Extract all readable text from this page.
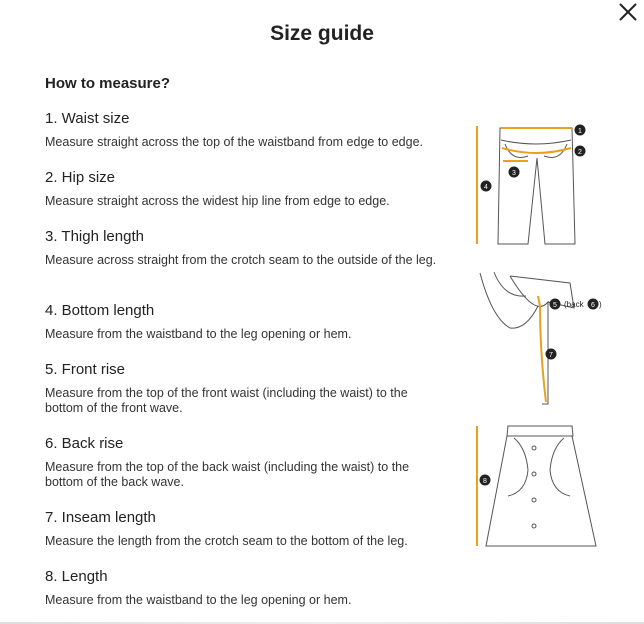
Size guide
How to measure?

1. Waist size

Measure straight across the top of the waistband from edge to edge.

2. Hip size

Measure straight across the widest hip line from edge to edge.

3. Thigh length

Measure across straight from the crotch seam to the outside of the leg.

4. Bottom length

Measure from the waistband to the leg opening or hem.

5. Front rise

Measure from the top of the front waist (including the waist) to the bottom of the front wave.

6. Back rise

Measure from the top of the back waist (including the waist) to the bottom of the back wave.

7. Inseam length

Measure the length from the crotch seam to the bottom of the leg.

8. Length

Measure from the waistband to the leg opening or hem.

1
2
3
4
5 (back 6 )
7
8
